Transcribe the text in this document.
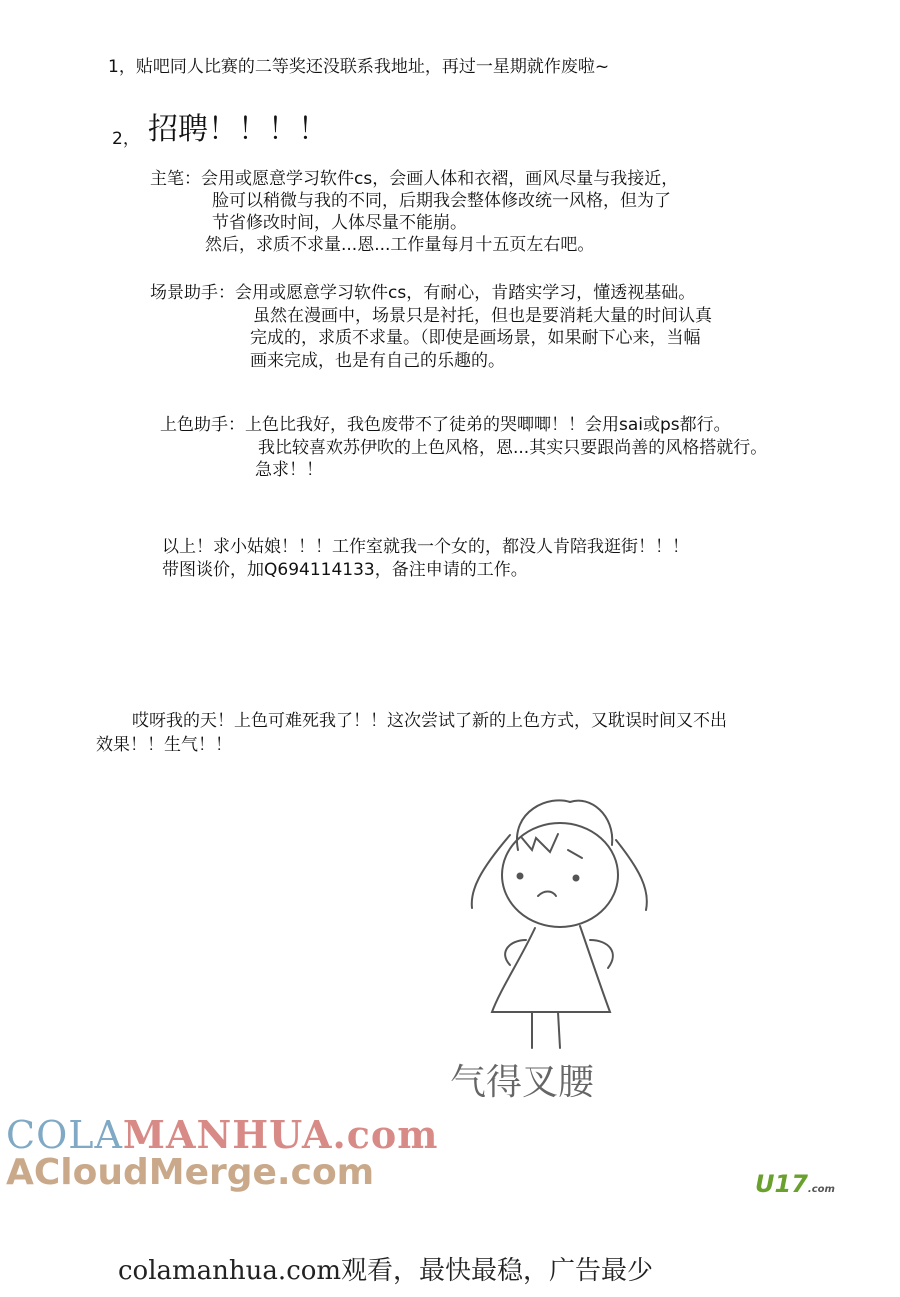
1，贴吧同人比赛的二等奖还没联系我地址，再过一星期就作废啦~
2， 招聘！！！！
主笔：会用或愿意学习软件cs，会画人体和衣褶，画风尽量与我接近，
脸可以稍微与我的不同，后期我会整体修改统一风格，但为了
节省修改时间，人体尽量不能崩。
然后，求质不求量...恩...工作量每月十五页左右吧。
场景助手：会用或愿意学习软件cs，有耐心，肯踏实学习，懂透视基础。
虽然在漫画中，场景只是衬托，但也是要消耗大量的时间认真
完成的，求质不求量。（即使是画场景，如果耐下心来，当幅
画来完成，也是有自己的乐趣的。
上色助手：上色比我好，我色废带不了徒弟的哭唧唧！！会用sai或ps都行。
我比较喜欢苏伊吹的上色风格，恩...其实只要跟尚善的风格搭就行。
急求！！
以上！求小姑娘！！！工作室就我一个女的，都没人肯陪我逛街！！！
带图谈价，加Q694114133，备注申请的工作。
哎呀我的天！上色可难死我了！！这次尝试了新的上色方式，又耽误时间又不出
效果！！生气！！
气得叉腰
COLAMANHUA.com
ACloudMerge.com	U17.com
colamanhua.com观看，最快最稳，广告最少
